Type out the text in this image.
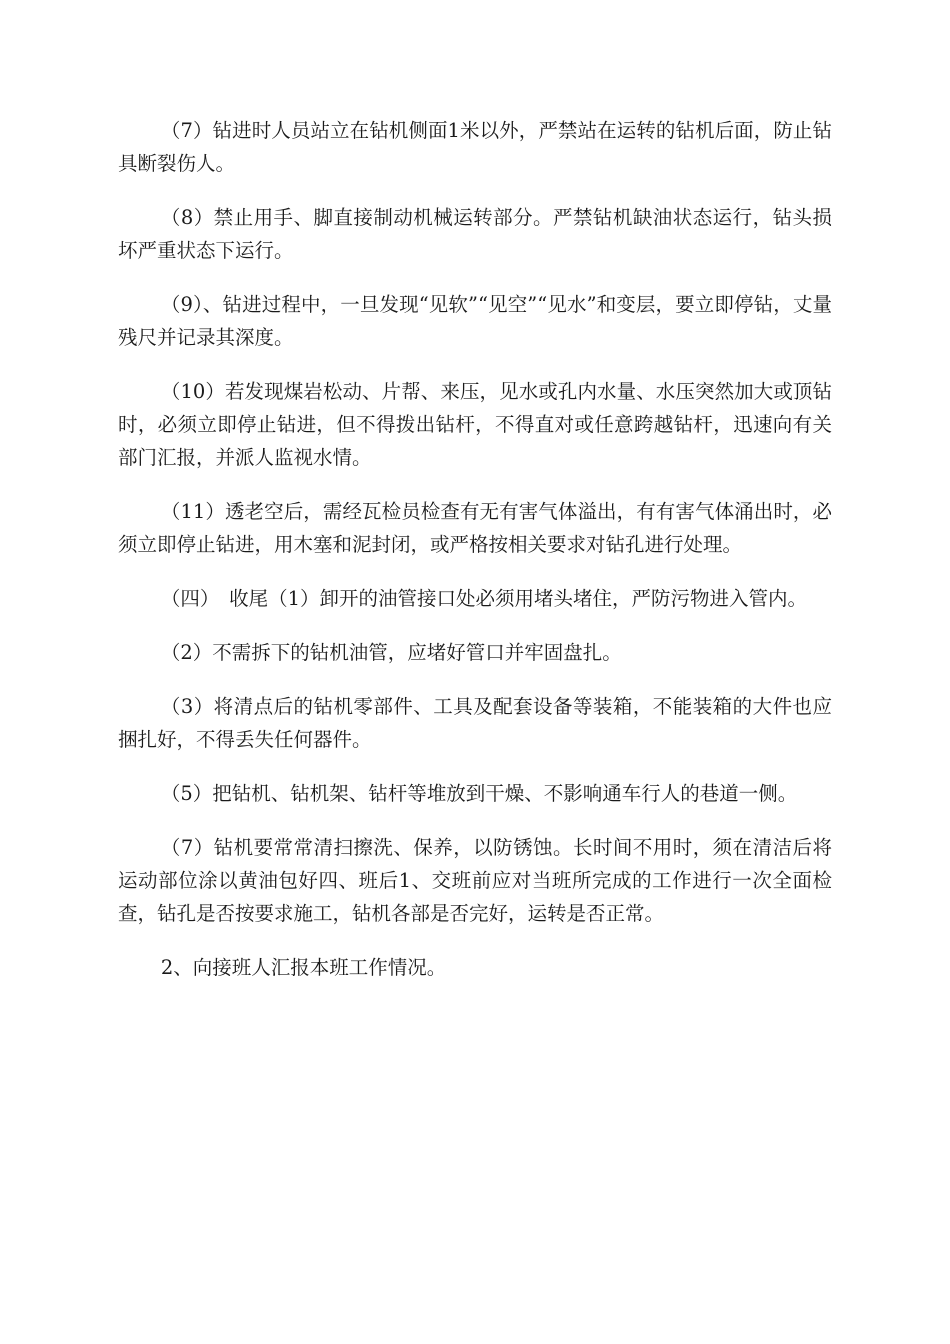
（7）钻进时人员站立在钻机侧面1米以外，严禁站在运转的钻机后面，防止钻具断裂伤人。

（8）禁止用手、脚直接制动机械运转部分。严禁钻机缺油状态运行，钻头损坏严重状态下运行。

（9）、钻进过程中，一旦发现“见软”“见空”“见水”和变层，要立即停钻，丈量残尺并记录其深度。

（10）若发现煤岩松动、片帮、来压，见水或孔内水量、水压突然加大或顶钻时，必须立即停止钻进，但不得拨出钻杆，不得直对或任意跨越钻杆，迅速向有关部门汇报，并派人监视水情。

（11）透老空后，需经瓦检员检查有无有害气体溢出，有有害气体涌出时，必须立即停止钻进，用木塞和泥封闭，或严格按相关要求对钻孔进行处理。

（四）　收尾（1）卸开的油管接口处必须用堵头堵住，严防污物进入管内。

（2）不需拆下的钻机油管，应堵好管口并牢固盘扎。

（3）将清点后的钻机零部件、工具及配套设备等装箱，不能装箱的大件也应捆扎好，不得丢失任何器件。

（5）把钻机、钻机架、钻杆等堆放到干燥、不影响通车行人的巷道一侧。

（7）钻机要常常清扫擦洗、保养，以防锈蚀。长时间不用时，须在清洁后将运动部位涂以黄油包好四、班后1、交班前应对当班所完成的工作进行一次全面检查，钻孔是否按要求施工，钻机各部是否完好，运转是否正常。

2、向接班人汇报本班工作情况。
